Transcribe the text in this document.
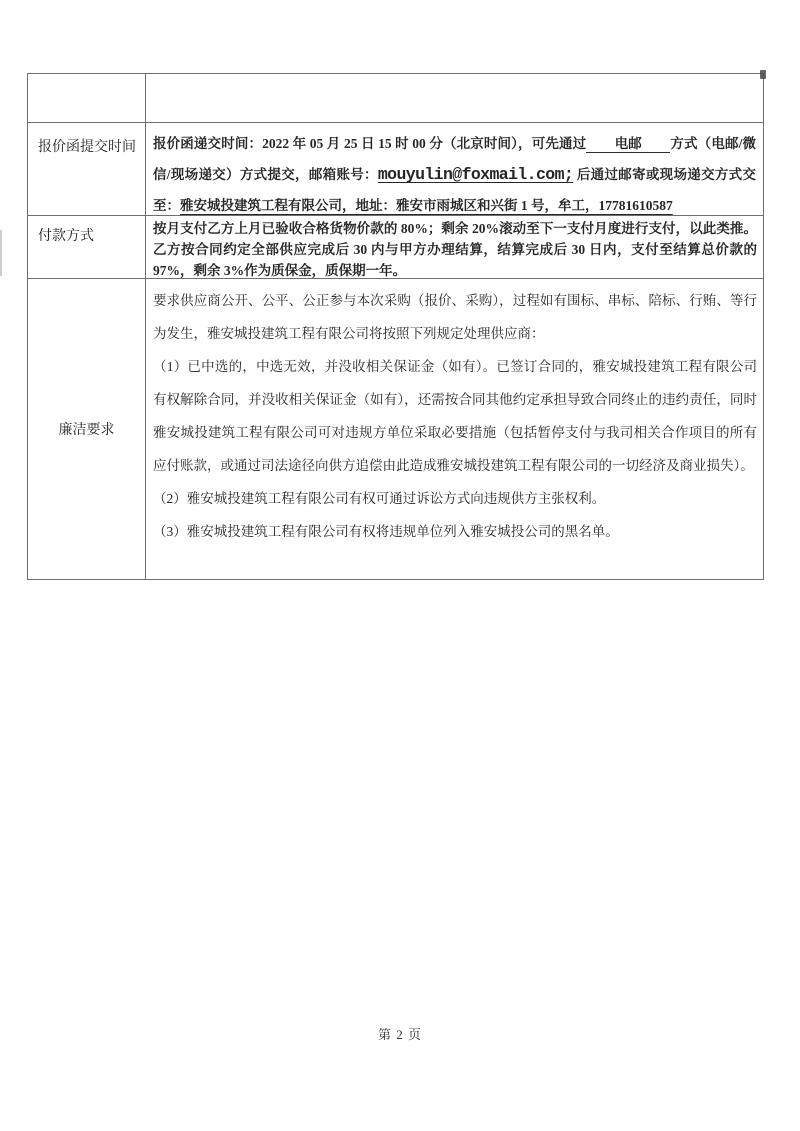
报价函提交时间	报价函递交时间：2022 年 05 月 25 日 15 时 00 分（北京时间），可先通过 电邮 方式（电邮/微信/现场递交）方式提交，邮箱账号：mouyulin@foxmail.com; 后通过邮寄或现场递交方式交至：雅安城投建筑工程有限公司，地址：雅安市雨城区和兴街 1 号，牟工，17781610587

付款方式

按月支付乙方上月已验收合格货物价款的 80%；剩余 20%滚动至下一支付月度进行支付，以此类推。乙方按合同约定全部供应完成后 30 内与甲方办理结算，结算完成后 30 日内，支付至结算总价款的 97%，剩余 3%作为质保金，质保期一年。

廉洁要求

要求供应商公开、公平、公正参与本次采购（报价、采购），过程如有围标、串标、陪标、行贿、等行为发生，雅安城投建筑工程有限公司将按照下列规定处理供应商：

（1）已中选的，中选无效，并没收相关保证金（如有）。已签订合同的，雅安城投建筑工程有限公司有权解除合同，并没收相关保证金（如有），还需按合同其他约定承担导致合同终止的违约责任，同时雅安城投建筑工程有限公司可对违规方单位采取必要措施（包括暂停支付与我司相关合作项目的所有应付账款，或通过司法途径向供方追偿由此造成雅安城投建筑工程有限公司的一切经济及商业损失）。

（2）雅安城投建筑工程有限公司有权可通过诉讼方式向违规供方主张权利。

（3）雅安城投建筑工程有限公司有权将违规单位列入雅安城投公司的黑名单。

第 2 页
